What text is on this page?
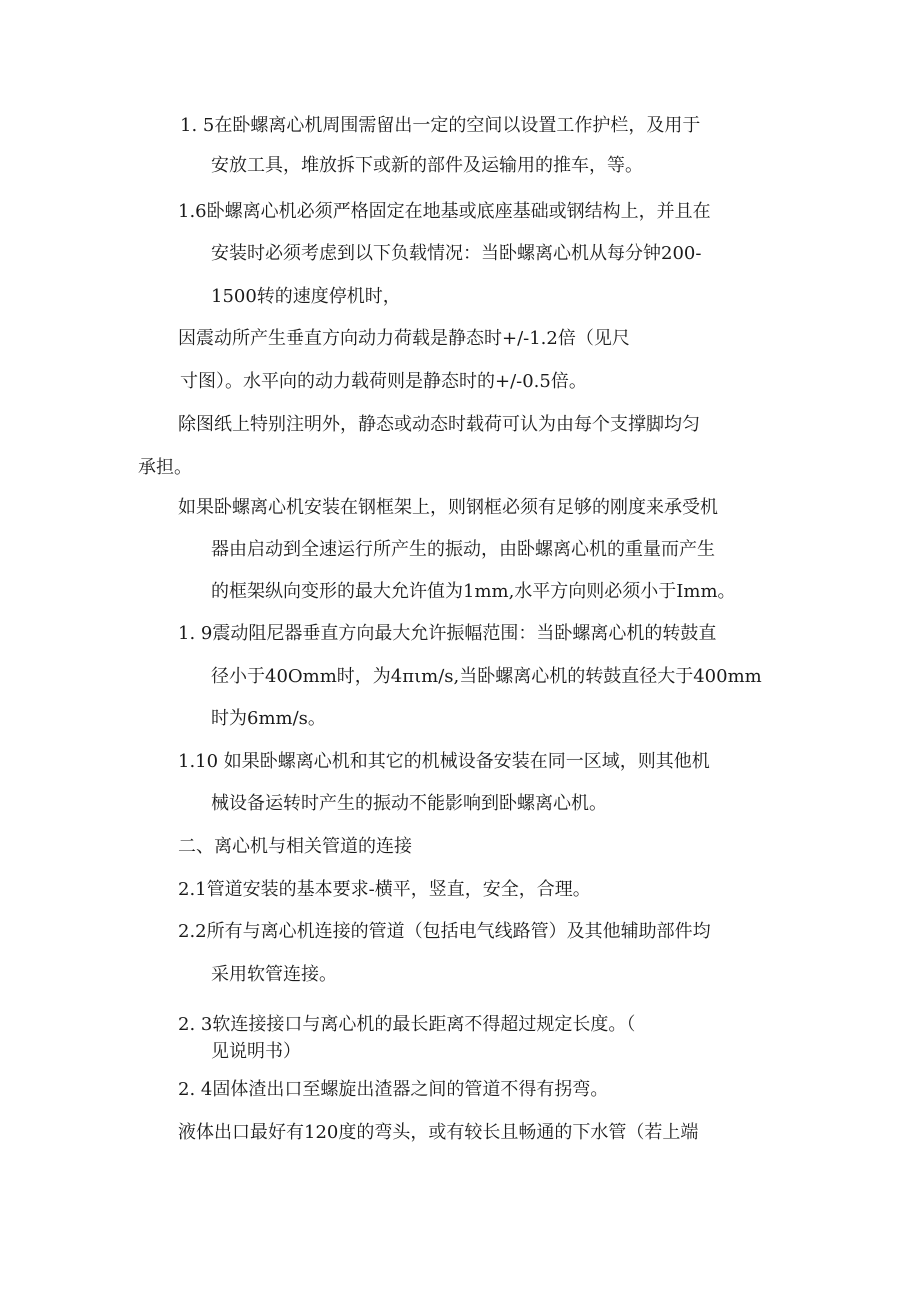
1. 5在卧螺离心机周围需留出一定的空间以设置工作护栏，及用于
安放工具，堆放拆下或新的部件及运输用的推车，等。
1.6卧螺离心机必须严格固定在地基或底座基础或钢结构上，并且在
安装时必须考虑到以下负载情况：当卧螺离心机从每分钟200-
1500转的速度停机时，
因震动所产生垂直方向动力荷载是静态时+/-1.2倍（见尺
寸图）。水平向的动力载荷则是静态时的+/-0.5倍。
除图纸上特别注明外，静态或动态时载荷可认为由每个支撑脚均匀
承担。
如果卧螺离心机安装在钢框架上，则钢框必须有足够的刚度来承受机
器由启动到全速运行所产生的振动，由卧螺离心机的重量而产生
的框架纵向变形的最大允许值为1mm,水平方向则必须小于Imm。
1. 9震动阻尼器垂直方向最大允许振幅范围：当卧螺离心机的转鼓直
径小于40Omm时，为4πιm∕s,当卧螺离心机的转鼓直径大于400mm
时为6mm∕s。
1.10 如果卧螺离心机和其它的机械设备安装在同一区域，则其他机
械设备运转时产生的振动不能影响到卧螺离心机。
二、离心机与相关管道的连接
2.1管道安装的基本要求-横平，竖直，安全，合理。
2.2所有与离心机连接的管道（包括电气线路管）及其他辅助部件均
采用软管连接。
2. 3软连接接口与离心机的最长距离不得超过规定长度。（
见说明书）
2. 4固体渣出口至螺旋出渣器之间的管道不得有拐弯。
液体出口最好有120度的弯头，或有较长且畅通的下水管（若上端
